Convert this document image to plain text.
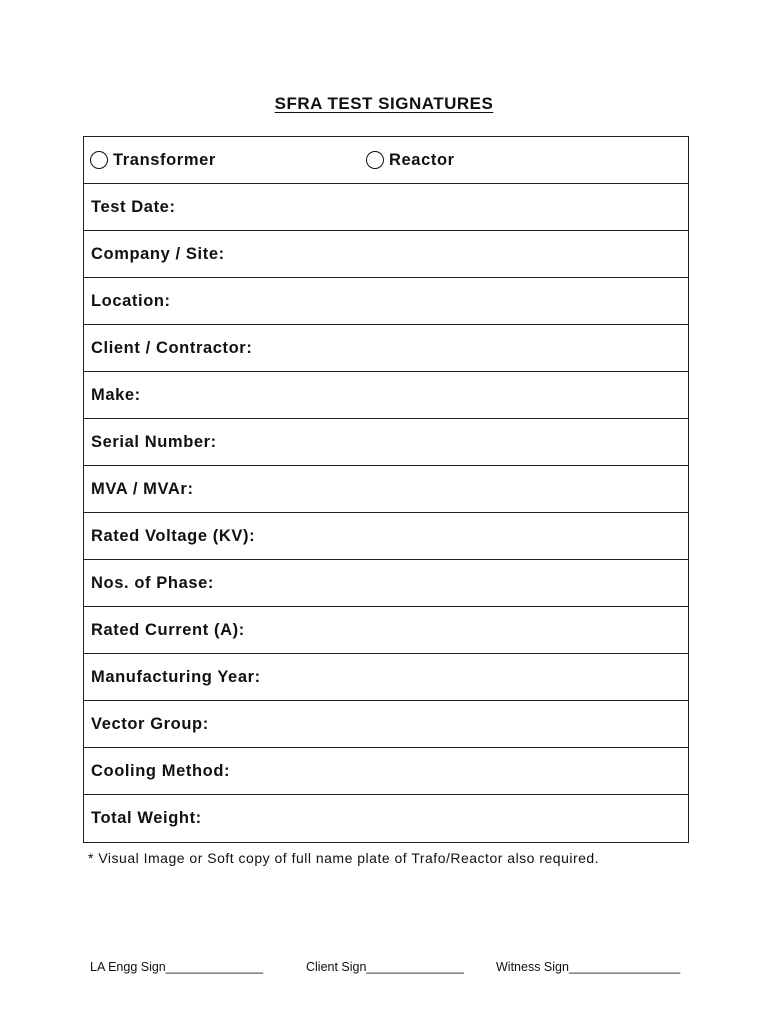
SFRA TEST SIGNATURES
Transformer	Reactor
Test Date:
Company / Site:
Location:
Client / Contractor:
Make:
Serial Number:
MVA / MVAr:
Rated Voltage (KV):
Nos. of Phase:
Rated Current (A):
Manufacturing Year:
Vector Group:
Cooling Method:
Total Weight:
* Visual Image or Soft copy of full name plate of Trafo/Reactor also required.
LA Engg Sign______________	Client Sign______________	Witness Sign________________
